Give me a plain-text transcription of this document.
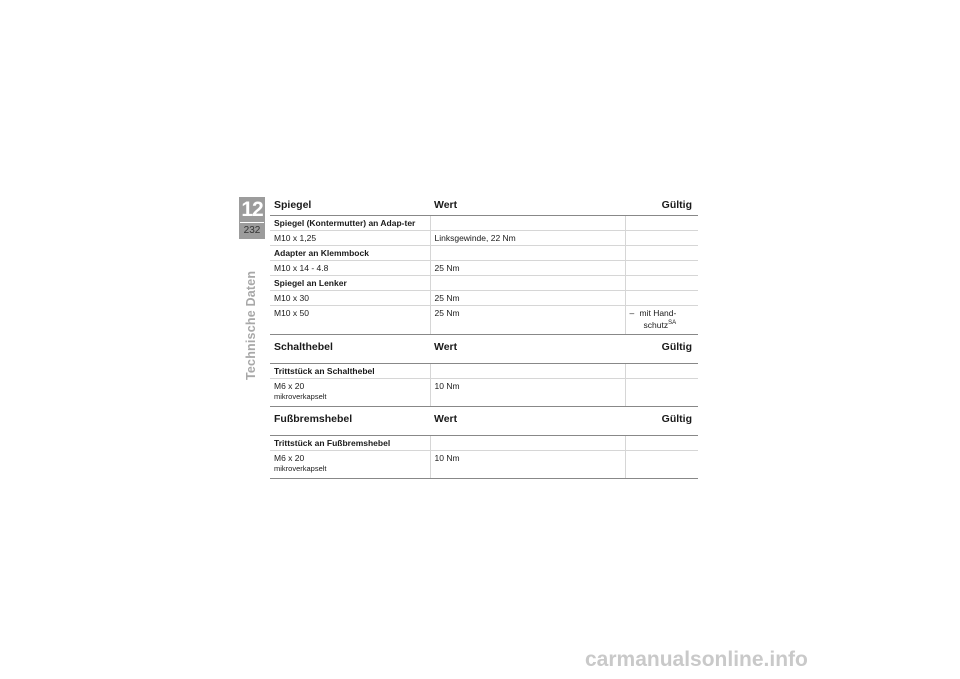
12
232
Technische Daten
Spiegel	Wert	Gültig
Spiegel (Kontermutter) an Adap-ter		
M10 x 1,25	Linksgewinde, 22 Nm	
Adapter an Klemmbock		
M10 x 14 - 4.8	25 Nm	
Spiegel an Lenker		
M10 x 30	25 Nm	
M10 x 50	25 Nm	– mit Hand-
schutz$^{SA}$
Schalthebel	Wert	Gültig
Trittstück an Schalthebel		
M6 x 20
mikroverkapselt	10 Nm	
Fußbremshebel	Wert	Gültig
Trittstück an Fußbremshebel		
M6 x 20
mikroverkapselt	10 Nm	
carmanualsonline.info
